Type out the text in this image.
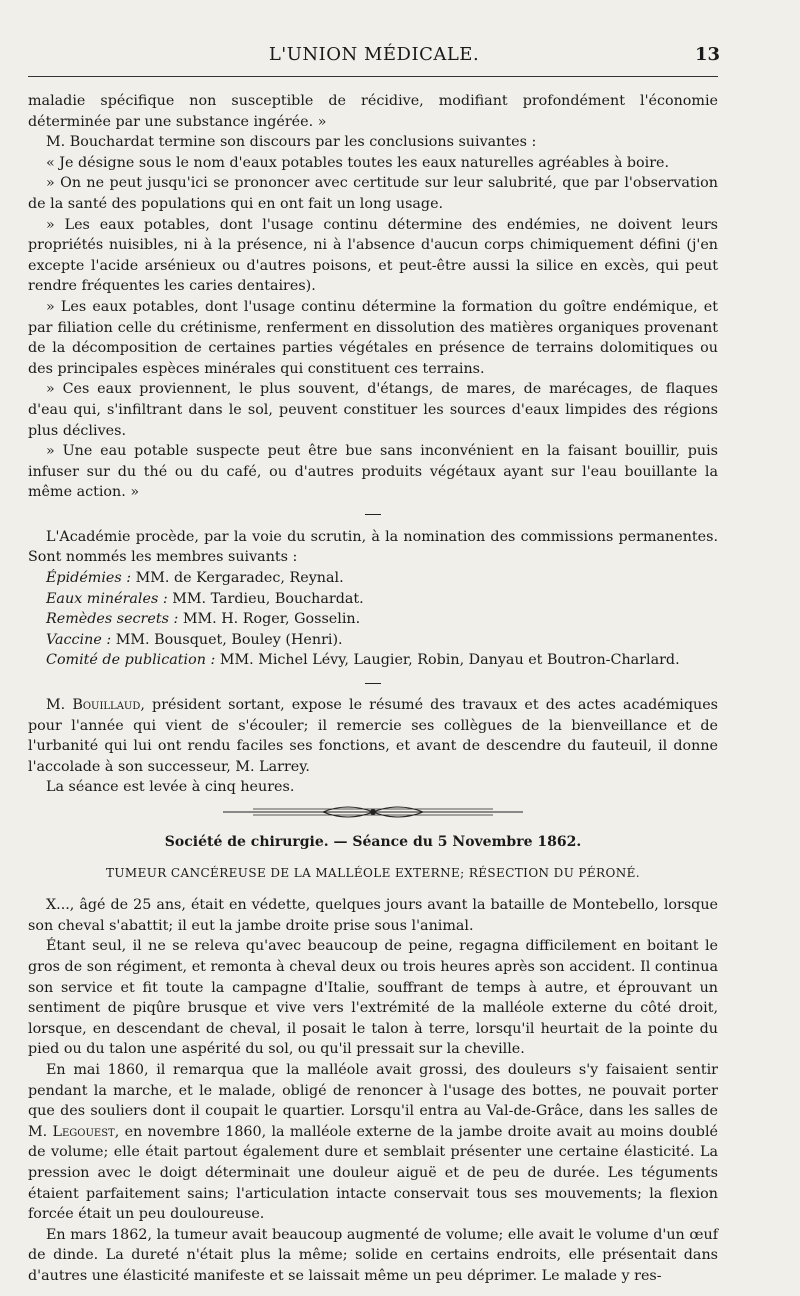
L'UNION MÉDICALE.	13

maladie spécifique non susceptible de récidive, modifiant profondément l'économie déterminée par une substance ingérée. »

M. Bouchardat termine son discours par les conclusions suivantes :

« Je désigne sous le nom d'eaux potables toutes les eaux naturelles agréables à boire.

» On ne peut jusqu'ici se prononcer avec certitude sur leur salubrité, que par l'observation de la santé des populations qui en ont fait un long usage.

» Les eaux potables, dont l'usage continu détermine des endémies, ne doivent leurs propriétés nuisibles, ni à la présence, ni à l'absence d'aucun corps chimiquement défini (j'en excepte l'acide arsénieux ou d'autres poisons, et peut-être aussi la silice en excès, qui peut rendre fréquentes les caries dentaires).

» Les eaux potables, dont l'usage continu détermine la formation du goître endémique, et par filiation celle du crétinisme, renferment en dissolution des matières organiques provenant de la décomposition de certaines parties végétales en présence de terrains dolomitiques ou des principales espèces minérales qui constituent ces terrains.

» Ces eaux proviennent, le plus souvent, d'étangs, de mares, de marécages, de flaques d'eau qui, s'infiltrant dans le sol, peuvent constituer les sources d'eaux limpides des régions plus déclives.

» Une eau potable suspecte peut être bue sans inconvénient en la faisant bouillir, puis infuser sur du thé ou du café, ou d'autres produits végétaux ayant sur l'eau bouillante la même action. »

L'Académie procède, par la voie du scrutin, à la nomination des commissions permanentes. Sont nommés les membres suivants :

Épidémies : MM. de Kergaradec, Reynal.

Eaux minérales : MM. Tardieu, Bouchardat.

Remèdes secrets : MM. H. Roger, Gosselin.

Vaccine : MM. Bousquet, Bouley (Henri).

Comité de publication : MM. Michel Lévy, Laugier, Robin, Danyau et Boutron-Charlard.

M. Bouillaud, président sortant, expose le résumé des travaux et des actes académiques pour l'année qui vient de s'écouler; il remercie ses collègues de la bienveillance et de l'urbanité qui lui ont rendu faciles ses fonctions, et avant de descendre du fauteuil, il donne l'accolade à son successeur, M. Larrey.

La séance est levée à cinq heures.

Société de chirurgie. — Séance du 5 Novembre 1862.
TUMEUR CANCÉREUSE DE LA MALLÉOLE EXTERNE; RÉSECTION DU PÉRONÉ.

X..., âgé de 25 ans, était en védette, quelques jours avant la bataille de Montebello, lorsque son cheval s'abattit; il eut la jambe droite prise sous l'animal.

Étant seul, il ne se releva qu'avec beaucoup de peine, regagna difficilement en boitant le gros de son régiment, et remonta à cheval deux ou trois heures après son accident. Il continua son service et fit toute la campagne d'Italie, souffrant de temps à autre, et éprouvant un sentiment de piqûre brusque et vive vers l'extrémité de la malléole externe du côté droit, lorsque, en descendant de cheval, il posait le talon à terre, lorsqu'il heurtait de la pointe du pied ou du talon une aspérité du sol, ou qu'il pressait sur la cheville.

En mai 1860, il remarqua que la malléole avait grossi, des douleurs s'y faisaient sentir pendant la marche, et le malade, obligé de renoncer à l'usage des bottes, ne pouvait porter que des souliers dont il coupait le quartier. Lorsqu'il entra au Val-de-Grâce, dans les salles de M. Legouest, en novembre 1860, la malléole externe de la jambe droite avait au moins doublé de volume; elle était partout également dure et semblait présenter une certaine élasticité. La pression avec le doigt déterminait une douleur aiguë et de peu de durée. Les téguments étaient parfaitement sains; l'articulation intacte conservait tous ses mouvements; la flexion forcée était un peu douloureuse.

En mars 1862, la tumeur avait beaucoup augmenté de volume; elle avait le volume d'un œuf de dinde. La dureté n'était plus la même; solide en certains endroits, elle présentait dans d'autres une élasticité manifeste et se laissait même un peu déprimer. Le malade y res-
